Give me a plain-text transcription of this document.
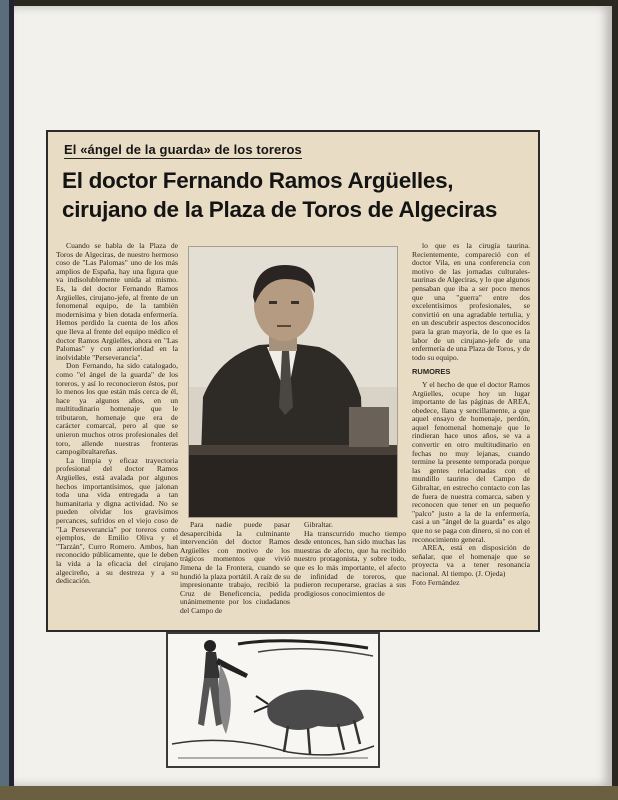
El «ángel de la guarda» de los toreros
El doctor Fernando Ramos Argüelles,
cirujano de la Plaza de Toros de Algeciras

Cuando se habla de la Plaza de Toros de Algeciras, de nuestro hermoso coso de "Las Palomas" uno de los más amplios de España, hay una figura que va indisolublemente unida al mismo. Es, la del doctor Fernando Ramos Argüelles, cirujano-jefe, al frente de un fenomenal equipo, de la también modernísima y bien dotada enfermería. Hemos perdido la cuenta de los años que lleva al frente del equipo médico el doctor Ramos Argüelles, ahora en "Las Palomas" y con anterioridad en la inolvidable "Perseverancia".

Don Fernando, ha sido catalogado, como "el ángel de la guarda" de los toreros, y así lo reconocieron éstos, por lo menos los que están más cerca de él, hace ya algunos años, en un multitudinario homenaje que le tributaron, homenaje que era de carácter comarcal, pero al que se unieron muchos otros profesionales del toro, allende nuestras fronteras campogibraltareñas.

La limpia y eficaz trayectoria profesional del doctor Ramos Argüelles, está avalada por algunos hechos importantísimos, que jalonan toda una vida entregada a tan humanitaria y digna actividad. No se pueden olvidar los gravísimos percances, sufridos en el viejo coso de "La Perseverancia" por toreros como ejemplos, de Emilio Oliva y el "Tarzán", Curro Romero. Ambos, han reconocido públicamente, que le deben la vida a la eficacia del cirujano algecireño, a su destreza y a su dedicación.

Para nadie puede pasar desapercibida la culminante intervención del doctor Ramos Argüelles con motivo de los trágicos momentos que vivió Jimena de la Frontera, cuando se hundió la plaza portátil. A raíz de su impresionante trabajo, recibió la Cruz de Beneficencia, pedida unánimemente por los ciudadanos del Campo de

Gibraltar.

Ha transcurrido mucho tiempo desde entonces, han sido muchas las muestras de afecto, que ha recibido nuestro protagonista, y sobre todo, que es lo más importante, el afecto de infinidad de toreros, que pudieron recuperarse, gracias a sus prodigiosos conocimientos de

lo que es la cirugía taurina. Recientemente, compareció con el doctor Vila, en una conferencia con motivo de las jornadas culturales-taurinas de Algeciras, y lo que algunos pensaban que iba a ser poco menos que una "guerra" entre dos excelentísimos profesionales, se convirtió en una agradable tertulia, y en un descubrir aspectos desconocidos para la gran mayoría, de lo que es la labor de un cirujano-jefe de una enfermería de una Plaza de Toros, y de todo su equipo.

RUMORES

Y el hecho de que el doctor Ramos Argüelles, ocupe hoy un lugar importante de las páginas de AREA, obedece, llana y sencillamente, a que aquel ensayo de homenaje, perdón, aquel fenomenal homenaje que le rindieran hace unos años, se va a convertir en otro multitudinario en fechas no muy lejanas, cuando termine la presente temporada porque las gentes relacionadas con el mundillo taurino del Campo de Gibraltar, en estrecho contacto con las de fuera de nuestra comarca, saben y reconocen que tener en un pequeño "palco" justo a la de la enfermería, casi a un "ángel de la guarda" es algo que no se paga con dinero, si no con el reconocimiento general.

AREA, está en disposición de señalar, que el homenaje que se proyecta va a tener resonancia nacional. Al tiempo. (J. Ojeda)

Foto Fernández
